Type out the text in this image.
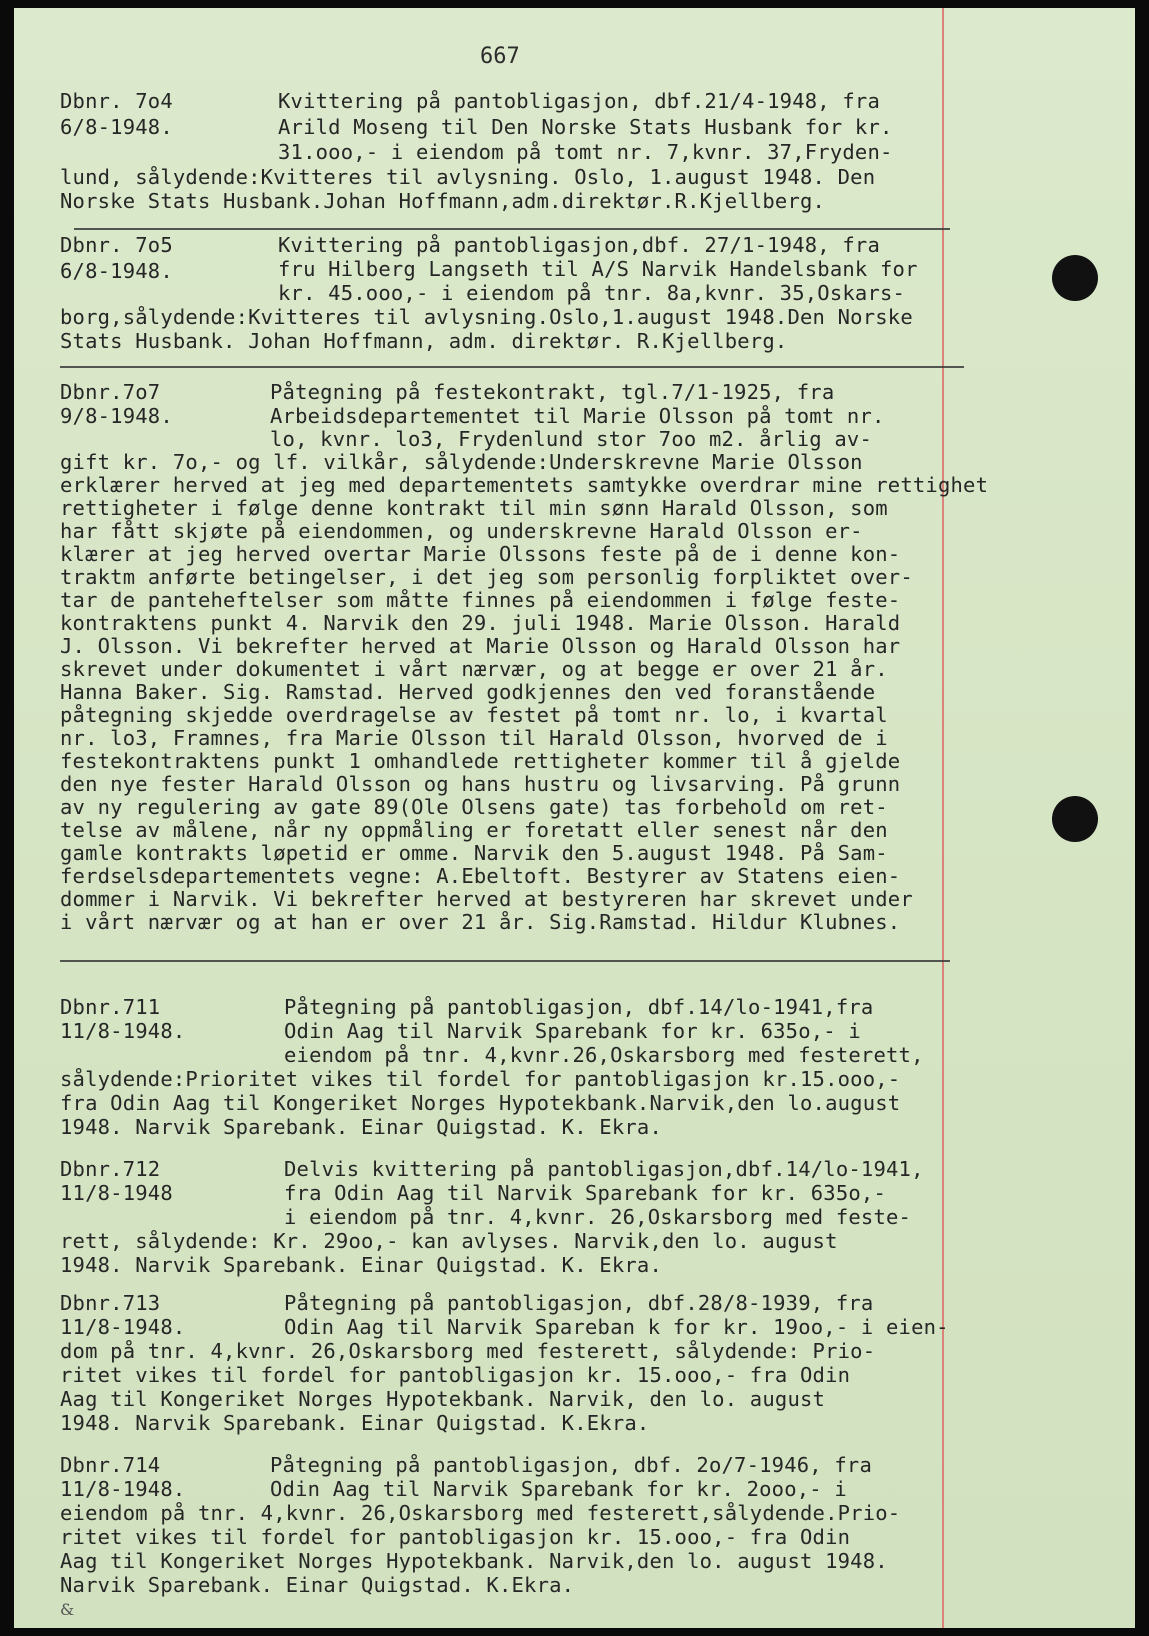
667
Dbnr. 7o4
6/8-1948.
Kvittering på pantobligasjon, dbf.21/4-1948, fra
Arild Moseng til Den Norske Stats Husbank for kr.
31.ooo,- i eiendom på tomt nr. 7,kvnr. 37,Fryden-
lund, sålydende:Kvitteres til avlysning. Oslo, 1.august 1948. Den
Norske Stats Husbank.Johan Hoffmann,adm.direktør.R.Kjellberg.
Dbnr. 7o5
6/8-1948.
Kvittering på pantobligasjon,dbf. 27/1-1948, fra
fru Hilberg Langseth til A/S Narvik Handelsbank for
kr. 45.ooo,- i eiendom på tnr. 8a,kvnr. 35,Oskars-
borg,sålydende:Kvitteres til avlysning.Oslo,1.august 1948.Den Norske
Stats Husbank. Johan Hoffmann, adm. direktør. R.Kjellberg.
Dbnr.7o7
9/8-1948.
Påtegning på festekontrakt, tgl.7/1-1925, fra
Arbeidsdepartementet til Marie Olsson på tomt nr.
lo, kvnr. lo3, Frydenlund stor 7oo m2. årlig av-
gift kr. 7o,- og lf. vilkår, sålydende:Underskrevne Marie Olsson
erklærer herved at jeg med departementets samtykke overdrar mine rettighet
rettigheter i følge denne kontrakt til min sønn Harald Olsson, som
har fått skjøte på eiendommen, og underskrevne Harald Olsson er-
klærer at jeg herved overtar Marie Olssons feste på de i denne kon-
traktm anførte betingelser, i det jeg som personlig forpliktet over-
tar de panteheftelser som måtte finnes på eiendommen i følge feste-
kontraktens punkt 4. Narvik den 29. juli 1948. Marie Olsson. Harald
J. Olsson. Vi bekrefter herved at Marie Olsson og Harald Olsson har
skrevet under dokumentet i vårt nærvær, og at begge er over 21 år.
Hanna Baker. Sig. Ramstad. Herved godkjennes den ved foranstående
påtegning skjedde overdragelse av festet på tomt nr. lo, i kvartal
nr. lo3, Framnes, fra Marie Olsson til Harald Olsson, hvorved de i
festekontraktens punkt 1 omhandlede rettigheter kommer til å gjelde
den nye fester Harald Olsson og hans hustru og livsarving. På grunn
av ny regulering av gate 89(Ole Olsens gate) tas forbehold om ret-
telse av målene, når ny oppmåling er foretatt eller senest når den
gamle kontrakts løpetid er omme. Narvik den 5.august 1948. På Sam-
ferdselsdepartementets vegne: A.Ebeltoft. Bestyrer av Statens eien-
dommer i Narvik. Vi bekrefter herved at bestyreren har skrevet under
i vårt nærvær og at han er over 21 år. Sig.Ramstad. Hildur Klubnes.
Dbnr.711
11/8-1948.
Påtegning på pantobligasjon, dbf.14/lo-1941,fra
Odin Aag til Narvik Sparebank for kr. 635o,- i
eiendom på tnr. 4,kvnr.26,Oskarsborg med festerett,
sålydende:Prioritet vikes til fordel for pantobligasjon kr.15.ooo,-
fra Odin Aag til Kongeriket Norges Hypotekbank.Narvik,den lo.august
1948. Narvik Sparebank. Einar Quigstad. K. Ekra.
Dbnr.712
11/8-1948
Delvis kvittering på pantobligasjon,dbf.14/lo-1941,
fra Odin Aag til Narvik Sparebank for kr. 635o,-
i eiendom på tnr. 4,kvnr. 26,Oskarsborg med feste-
rett, sålydende: Kr. 29oo,- kan avlyses. Narvik,den lo. august
1948. Narvik Sparebank. Einar Quigstad. K. Ekra.
Dbnr.713
11/8-1948.
Påtegning på pantobligasjon, dbf.28/8-1939, fra
Odin Aag til Narvik Spareban k for kr. 19oo,- i eien-
dom på tnr. 4,kvnr. 26,Oskarsborg med festerett, sålydende: Prio-
ritet vikes til fordel for pantobligasjon kr. 15.ooo,- fra Odin
Aag til Kongeriket Norges Hypotekbank. Narvik, den lo. august
1948. Narvik Sparebank. Einar Quigstad. K.Ekra.
Dbnr.714
11/8-1948.
Påtegning på pantobligasjon, dbf. 2o/7-1946, fra
Odin Aag til Narvik Sparebank for kr. 2ooo,- i
eiendom på tnr. 4,kvnr. 26,Oskarsborg med festerett,sålydende.Prio-
ritet vikes til fordel for pantobligasjon kr. 15.ooo,- fra Odin
Aag til Kongeriket Norges Hypotekbank. Narvik,den lo. august 1948.
Narvik Sparebank. Einar Quigstad. K.Ekra.
&
